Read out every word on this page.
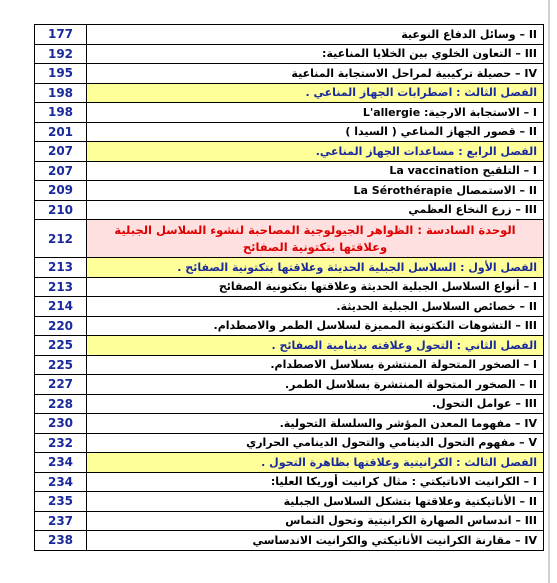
177	II – وسائل الدفاع النوعية
192	III – التعاون الخلوي بين الخلايا المناعية:
195	IV – حصيلة تركيبية لمراحل الاستجابة المناعية
198	الفصل الثالث : اضطرابات الجهاز المناعي .
198	I – الاستجابة الارجية: L'allergie
201	II – قصور الجهاز المناعي ( السيدا )
207	الفصل الرابع : مساعدات الجهاز المناعي.
207	I – التلقيح La vaccination
209	II – الاستمصال La Sérothérapie
210	III – زرع النخاع العظمي
212	الوحدة السادسة : الظواهر الجيولوجية المصاحبة لنشوء السلاسل الجبلية وعلاقتها بتكتونية الصفائح
213	الفصل الأول : السلاسل الجبلية الحديثة وعلاقتها بتكتونية الصفائح .
213	I – أنواع السلاسل الجبلية الحديثة وعلاقتها بتكتونية الصفائح
214	II – خصائص السلاسل الجبلية الحديثة.
220	III – التشوهات التكتونية المميزة لسلاسل الطمر والاصطدام.
225	الفصل الثاني : التحول وعلاقته بدينامية الصفائح .
225	I – الصخور المتحولة المنتشرة بسلاسل الاصطدام.
227	II – الصخور المتحولة المنتشرة بسلاسل الطمر.
228	III – عوامل التحول.
230	IV – مفهوما المعدن المؤشر والسلسلة التحولية.
232	V – مفهوم التحول الدينامي والتحول الدينامي الحراري
234	الفصل الثالث : الكرانيتية وعلاقتها بظاهرة التحول .
234	I – الكرانيت الاناتيكتي : مثال كرانيت أوريكا العليا:
235	II – الأناتيكتية وعلاقتها بتشكل السلاسل الجبلية
237	III – اندساس الصهارة الكرانيتية وتحول التماس
238	IV – مقارنة الكرانيت الأناتيكتي والكرانيت الاندساسي
